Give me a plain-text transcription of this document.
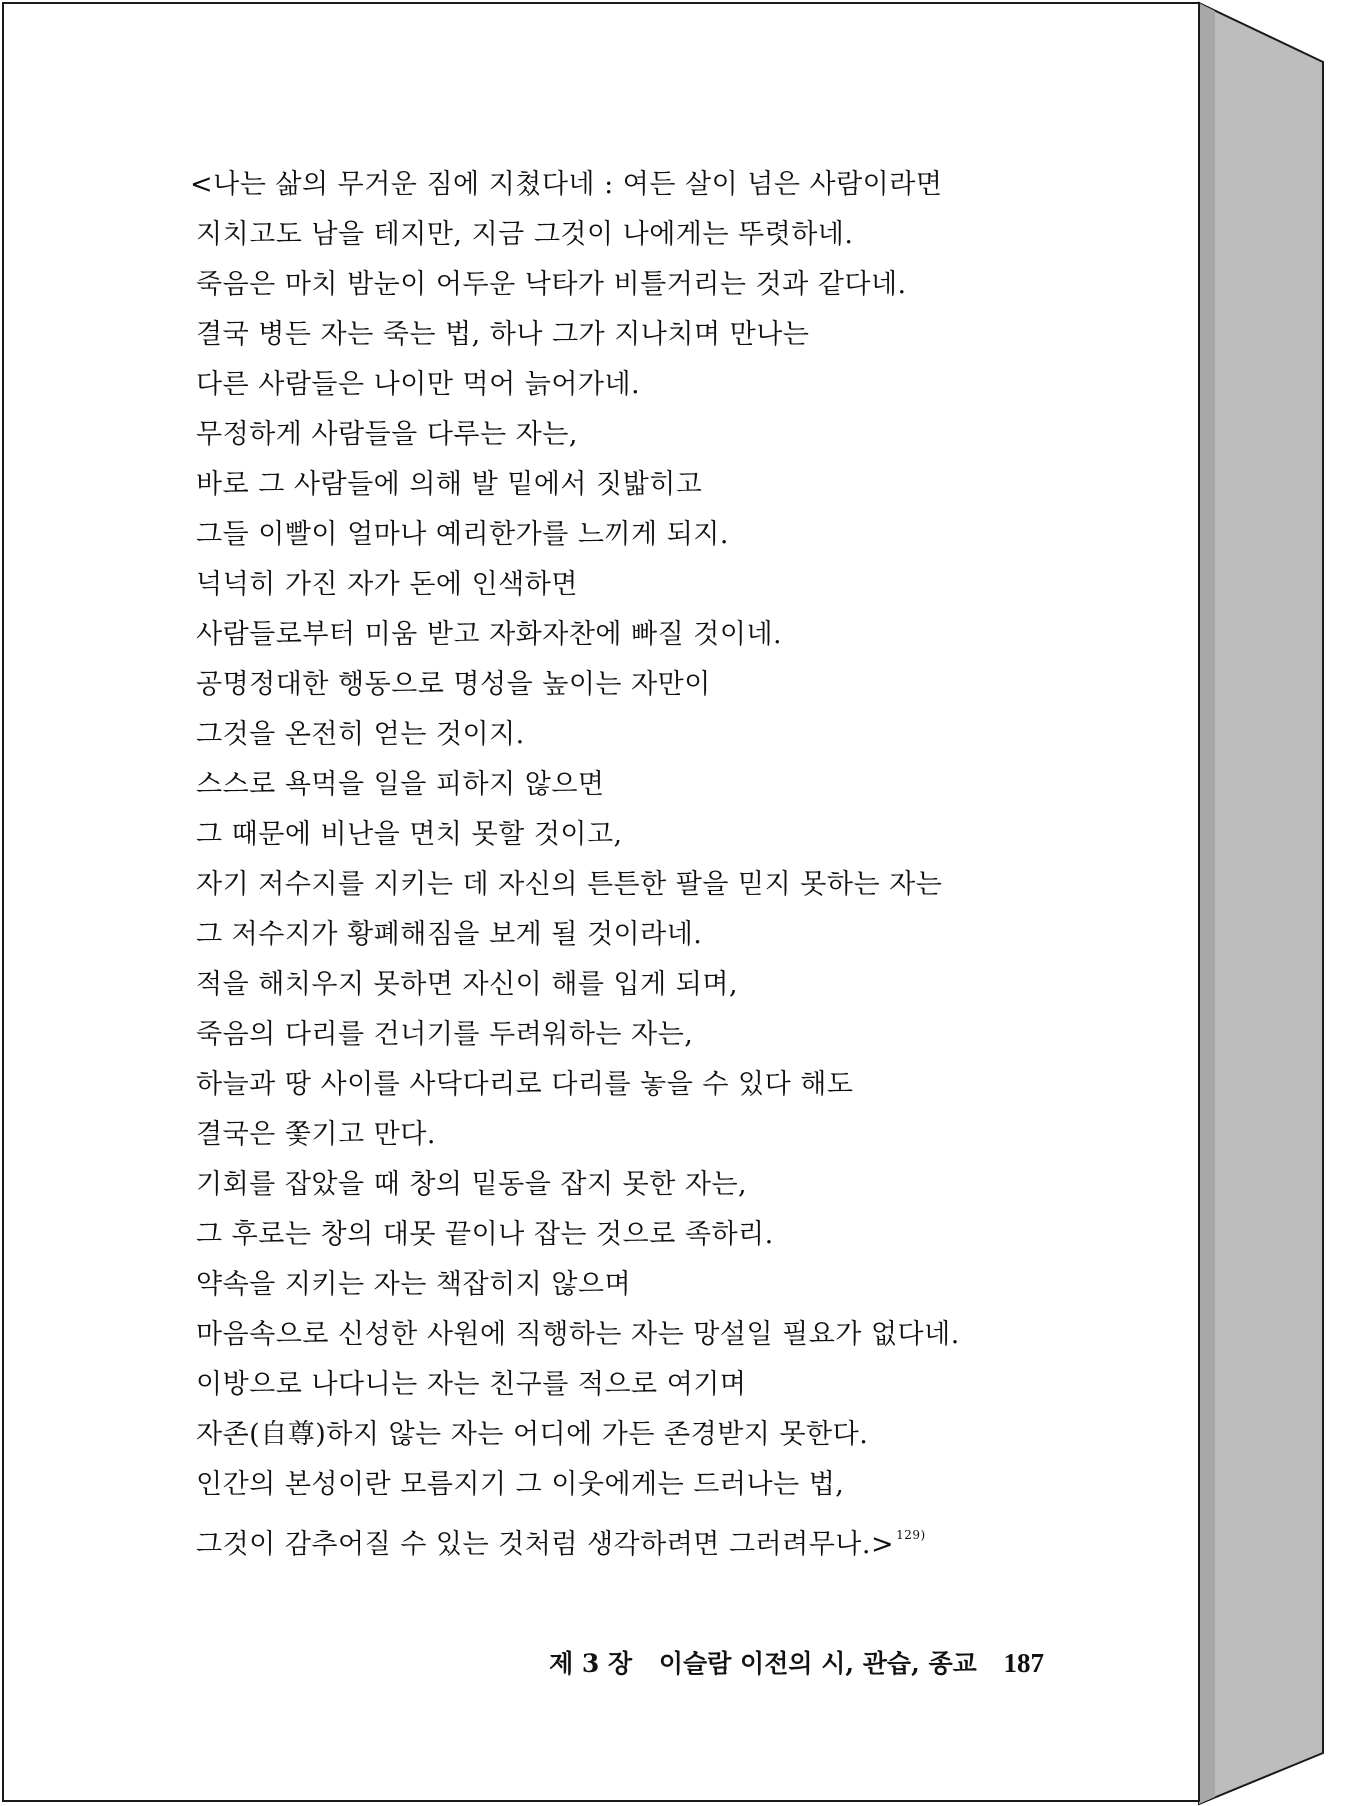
<나는 삶의 무거운 짐에 지쳤다네 : 여든 살이 넘은 사람이라면
지치고도 남을 테지만, 지금 그것이 나에게는 뚜렷하네.
죽음은 마치 밤눈이 어두운 낙타가 비틀거리는 것과 같다네.
결국 병든 자는 죽는 법, 하나 그가 지나치며 만나는
다른 사람들은 나이만 먹어 늙어가네.
무정하게 사람들을 다루는 자는,
바로 그 사람들에 의해 발 밑에서 짓밟히고
그들 이빨이 얼마나 예리한가를 느끼게 되지.
넉넉히 가진 자가 돈에 인색하면
사람들로부터 미움 받고 자화자찬에 빠질 것이네.
공명정대한 행동으로 명성을 높이는 자만이
그것을 온전히 얻는 것이지.
스스로 욕먹을 일을 피하지 않으면
그 때문에 비난을 면치 못할 것이고,
자기 저수지를 지키는 데 자신의 튼튼한 팔을 믿지 못하는 자는
그 저수지가 황폐해짐을 보게 될 것이라네.
적을 해치우지 못하면 자신이 해를 입게 되며,
죽음의 다리를 건너기를 두려워하는 자는,
하늘과 땅 사이를 사닥다리로 다리를 놓을 수 있다 해도
결국은 쫓기고 만다.
기회를 잡았을 때 창의 밑동을 잡지 못한 자는,
그 후로는 창의 대못 끝이나 잡는 것으로 족하리.
약속을 지키는 자는 책잡히지 않으며
마음속으로 신성한 사원에 직행하는 자는 망설일 필요가 없다네.
이방으로 나다니는 자는 친구를 적으로 여기며
자존(自尊)하지 않는 자는 어디에 가든 존경받지 못한다.
인간의 본성이란 모름지기 그 이웃에게는 드러나는 법,
그것이 감추어질 수 있는 것처럼 생각하려면 그러려무나.> $^{129)}$
제 3 장 이슬람 이전의 시, 관습, 종교 187
